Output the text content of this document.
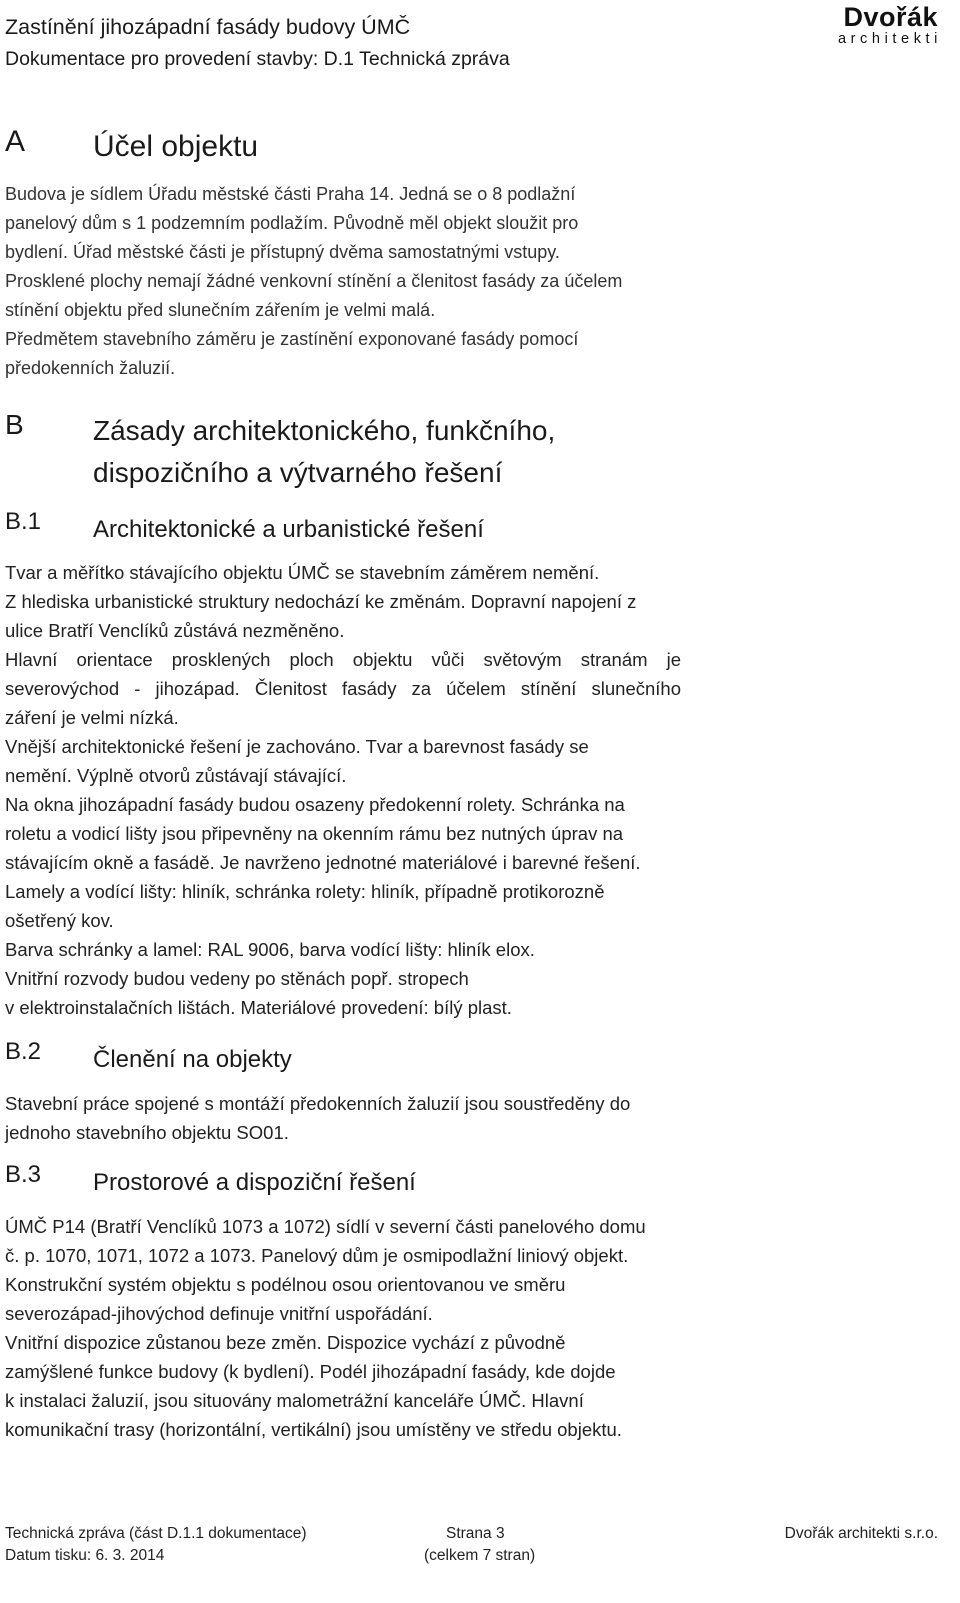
Zastínění jihozápadní fasády budovy ÚMČ
Dokumentace pro provedení stavby: D.1 Technická zpráva
Dvořák
architekti
A Účel objektu
Budova je sídlem Úřadu městské části Praha 14. Jedná se o 8 podlažní
panelový dům s 1 podzemním podlažím. Původně měl objekt sloužit pro
bydlení. Úřad městské části je přístupný dvěma samostatnými vstupy.
Prosklené plochy nemají žádné venkovní stínění a členitost fasády za účelem
stínění objektu před slunečním zářením je velmi malá.
Předmětem stavebního záměru je zastínění exponované fasády pomocí
předokenních žaluzií.
B Zásady architektonického, funkčního,
dispozičního a výtvarného řešení
B.1 Architektonické a urbanistické řešení
Tvar a měřítko stávajícího objektu ÚMČ se stavebním záměrem nemění.
Z hlediska urbanistické struktury nedochází ke změnám. Dopravní napojení z
ulice Bratří Venclíků zůstává nezměněno.
Hlavní orientace prosklených ploch objektu vůči světovým stranám je
severovýchod - jihozápad. Členitost fasády za účelem stínění slunečního
záření je velmi nízká.
Vnější architektonické řešení je zachováno. Tvar a barevnost fasády se
nemění. Výplně otvorů zůstávají stávající.
Na okna jihozápadní fasády budou osazeny předokenní rolety. Schránka na
roletu a vodicí lišty jsou připevněny na okenním rámu bez nutných úprav na
stávajícím okně a fasádě. Je navrženo jednotné materiálové i barevné řešení.
Lamely a vodící lišty: hliník, schránka rolety: hliník, případně protikorozně
ošetřený kov.
Barva schránky a lamel: RAL 9006, barva vodící lišty: hliník elox.
Vnitřní rozvody budou vedeny po stěnách popř. stropech
v elektroinstalačních lištách. Materiálové provedení: bílý plast.
B.2 Členění na objekty
Stavební práce spojené s montáží předokenních žaluzií jsou soustředěny do
jednoho stavebního objektu SO01.
B.3 Prostorové a dispoziční řešení
ÚMČ P14 (Bratří Venclíků 1073 a 1072) sídlí v severní části panelového domu
č. p. 1070, 1071, 1072 a 1073. Panelový dům je osmipodlažní liniový objekt.
Konstrukční systém objektu s podélnou osou orientovanou ve směru
severozápad-jihovýchod definuje vnitřní uspořádání.
Vnitřní dispozice zůstanou beze změn. Dispozice vychází z původně
zamýšlené funkce budovy (k bydlení). Podél jihozápadní fasády, kde dojde
k instalaci žaluzií, jsou situovány malometrážní kanceláře ÚMČ. Hlavní
komunikační trasy (horizontální, vertikální) jsou umístěny ve středu objektu.
Technická zpráva (část D.1.1 dokumentace)
Datum tisku: 6. 3. 2014
Strana 3
(celkem 7 stran)
Dvořák architekti s.r.o.
